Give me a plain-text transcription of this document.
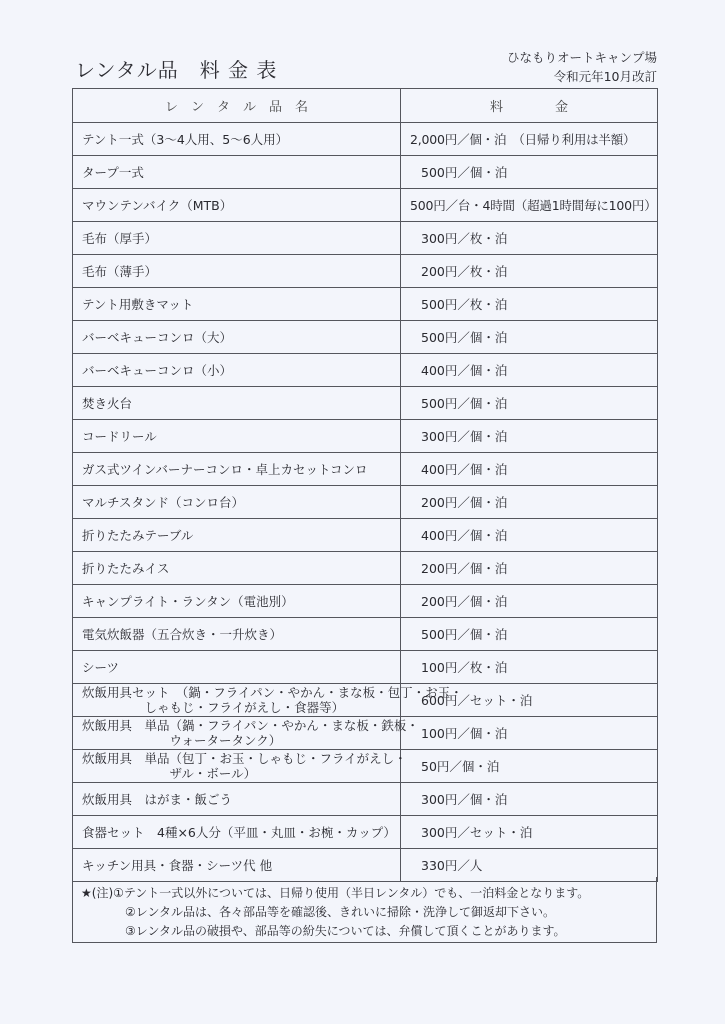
レンタル品　料 金 表
ひなもりオートキャンプ場
令和元年10月改訂
レ　ン　タ　ル　品　名	料　　　　金
テント一式（3～4人用、5～6人用）	2,000円／個・泊　（日帰り利用は半額）
タープ一式	500円／個・泊
マウンテンバイク（MTB）	500円／台・4時間（超過1時間毎に100円）
毛布（厚手）	300円／枚・泊
毛布（薄手）	200円／枚・泊
テント用敷きマット	500円／枚・泊
バーベキューコンロ（大）	500円／個・泊
バーベキューコンロ（小）	400円／個・泊
焚き火台	500円／個・泊
コードリール	300円／個・泊
ガス式ツインバーナーコンロ・卓上カセットコンロ	400円／個・泊
マルチスタンド（コンロ台）	200円／個・泊
折りたたみテーブル	400円／個・泊
折りたたみイス	200円／個・泊
キャンプライト・ランタン（電池別）	200円／個・泊
電気炊飯器（五合炊き・一升炊き）	500円／個・泊
シーツ	100円／枚・泊

炊飯用具セット　（鍋・フライパン・やかん・まな板・包丁・お玉・
　　　　　しゃもじ・フライがえし・食器等）	600円／セット・泊

炊飯用具　単品（鍋・フライパン・やかん・まな板・鉄板・
　　　　　　　ウォータータンク）	100円／個・泊

炊飯用具　単品（包丁・お玉・しゃもじ・フライがえし・
　　　　　　　ザル・ボール）	50円／個・泊
炊飯用具　はがま・飯ごう	300円／個・泊
食器セット　4種×6人分（平皿・丸皿・お椀・カップ）	300円／セット・泊
キッチン用具・食器・シーツ代 他	330円／人
★(注)①テント一式以外については、日帰り使用（半日レンタル）でも、一泊料金となります。
②レンタル品は、各々部品等を確認後、きれいに掃除・洗浄して御返却下さい。
③レンタル品の破損や、部品等の紛失については、弁償して頂くことがあります。
